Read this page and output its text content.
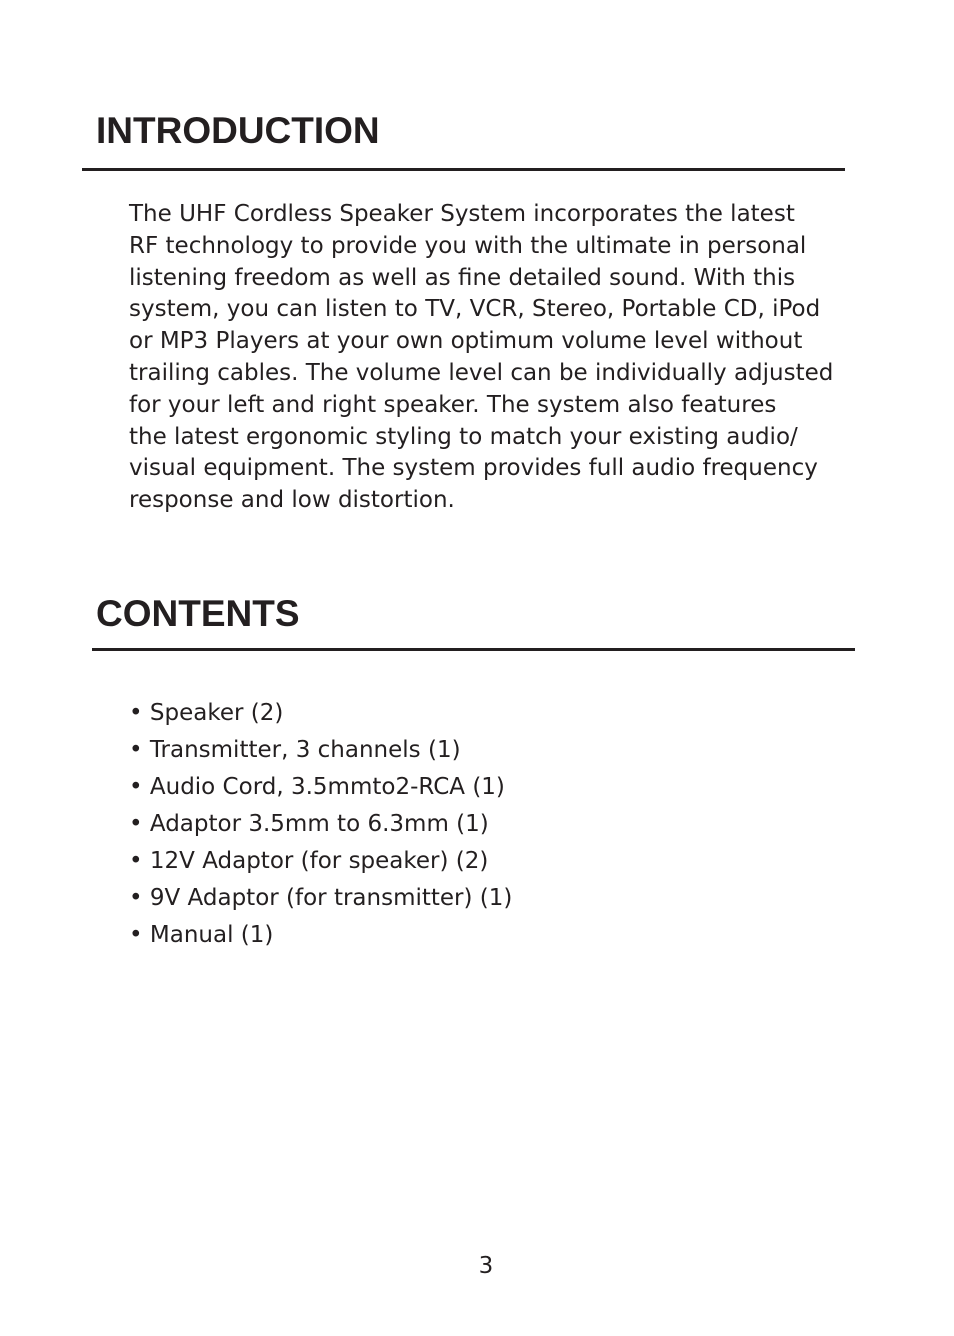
INTRODUCTION

The UHF Cordless Speaker System incorporates the latest
RF technology to provide you with the ultimate in personal
listening freedom as well as fine detailed sound. With this
system, you can listen to TV, VCR, Stereo, Portable CD, iPod
or MP3 Players at your own optimum volume level without
trailing cables. The volume level can be individually adjusted
for your left and right speaker. The system also features
the latest ergonomic styling to match your existing audio/
visual equipment. The system provides full audio frequency
response and low distortion.

CONTENTS
• Speaker (2)
• Transmitter, 3 channels (1)
• Audio Cord, 3.5mmto2-RCA (1)
• Adaptor 3.5mm to 6.3mm (1)
• 12V Adaptor (for speaker) (2)
• 9V Adaptor (for transmitter) (1)
• Manual (1)
3
